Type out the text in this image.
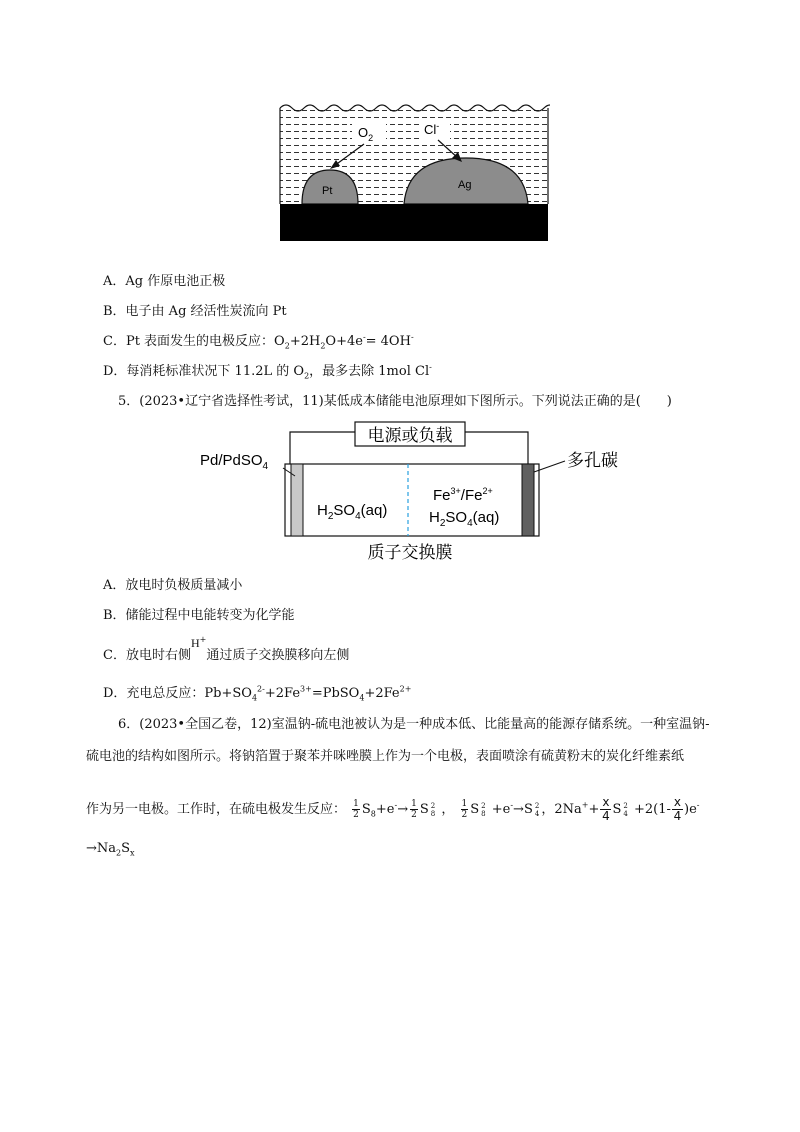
$O_2$
Cl-
Pt	Ag
A．Ag 作原电池正极
B．电子由 Ag 经活性炭流向 Pt
C．Pt 表面发生的电极反应：$O_2+2H_2O+4e^-= 4OH^-$
D．每消耗标准状况下 11.2L 的 $O_2$，最多去除 1mol Cl-
5．(2023•辽宁省选择性考试，11)某低成本储能电池原理如下图所示。下列说法正确的是(　　)
电源或负载
Pd/PdSO$_4$	多孔碳
$H_2SO_4(aq)$
$Fe^{3+}/Fe^{2+}$
$H_2SO_4(aq)$
质子交换膜
A．放电时负极质量减小
B．储能过程中电能转变为化学能
C．放电时右侧H+通过质子交换膜移向左侧
D．充电总反应：$Pb+SO_4^{2-}+2Fe^{3+}=PbSO_4+2Fe^{2+}$
6．(2023•全国乙卷，12)室温钠-硫电池被认为是一种成本低、比能量高的能源存储系统。一种室温钠-
硫电池的结构如图所示。将钠箔置于聚苯并咪唑膜上作为一个电极，表面喷涂有硫黄粉末的炭化纤维素纸
作为另一电极。工作时，在硫电极发生反应： $\frac{1}{2} S_8+e^-\to \frac{1}{2}$ S 2
8 ， $\frac{1}{2}$ S 2
8 +e-→S 2
4 ，$2Na^++ \frac{x}{4}$ S 2
$4 +2(1- \frac{x}{4} )e^-$
$\to Na_2S_x$
